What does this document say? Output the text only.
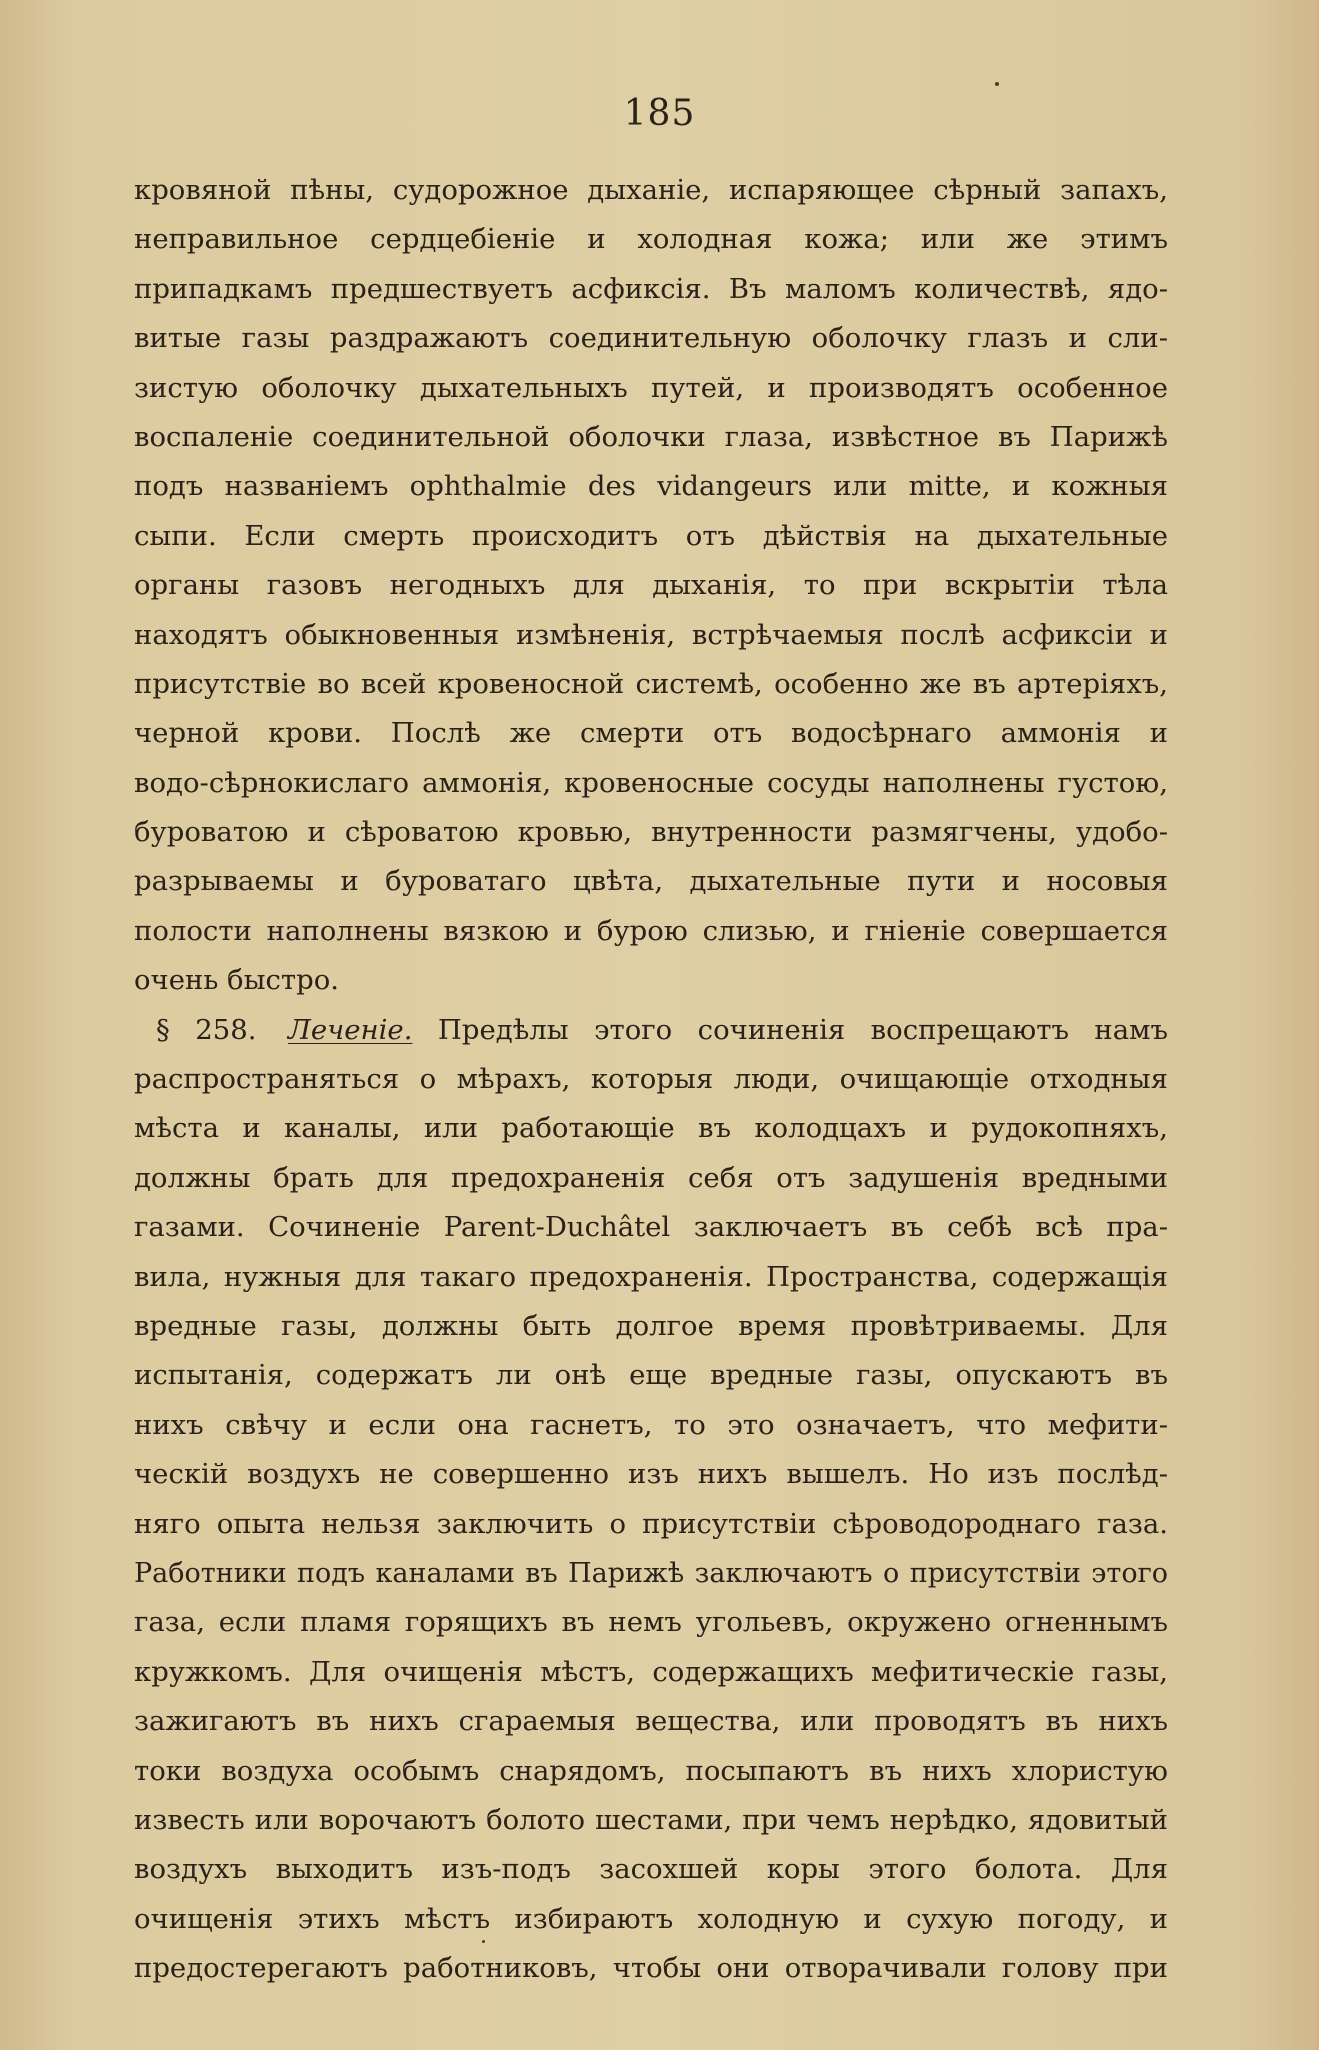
185
кровяной пѣны, судорожное дыханіе, испаряющее сѣрный запахъ,
неправильное сердцебіеніе и холодная кожа; или же этимъ
припадкамъ предшествуетъ асфиксія. Въ маломъ количествѣ, ядо-
витые газы раздражаютъ соединительную оболочку глазъ и сли-
зистую оболочку дыхательныхъ путей, и производятъ особенное
воспаленіе соединительной оболочки глаза, извѣстное въ Парижѣ
подъ названіемъ ophthalmie des vidangeurs или mitte, и кожныя
сыпи. Если смерть происходитъ отъ дѣйствія на дыхательные
органы газовъ негодныхъ для дыханія, то при вскрытіи тѣла
находятъ обыкновенныя измѣненія, встрѣчаемыя послѣ асфиксіи и
присутствіе во всей кровеносной системѣ, особенно же въ артеріяхъ,
черной крови. Послѣ же смерти отъ водосѣрнаго аммонія и
водо-сѣрнокислаго аммонія, кровеносные сосуды наполнены густою,
буроватою и сѣроватою кровью, внутренности размягчены, удобо-
разрываемы и буроватаго цвѣта, дыхательные пути и носовыя
полости наполнены вязкою и бурою слизью, и гніеніе совершается
очень быстро.
§ 258. Леченіе. Предѣлы этого сочиненія воспрещаютъ намъ
распространяться о мѣрахъ, которыя люди, очищающіе отходныя
мѣста и каналы, или работающіе въ колодцахъ и рудокопняхъ,
должны брать для предохраненія себя отъ задушенія вредными
газами. Сочиненіе Parent-Duchâtel заключаетъ въ себѣ всѣ пра-
вила, нужныя для такаго предохраненія. Пространства, содержащія
вредные газы, должны быть долгое время провѣтриваемы. Для
испытанія, содержатъ ли онѣ еще вредные газы, опускаютъ въ
нихъ свѣчу и если она гаснетъ, то это означаетъ, что мефити-
ческій воздухъ не совершенно изъ нихъ вышелъ. Но изъ послѣд-
няго опыта нельзя заключить о присутствіи сѣроводороднаго газа.
Работники подъ каналами въ Парижѣ заключаютъ о присутствіи этого
газа, если пламя горящихъ въ немъ угольевъ, окружено огненнымъ
кружкомъ. Для очищенія мѣстъ, содержащихъ мефитическіе газы,
зажигаютъ въ нихъ сгараемыя вещества, или проводятъ въ нихъ
токи воздуха особымъ снарядомъ, посыпаютъ въ нихъ хлористую
известь или ворочаютъ болото шестами, при чемъ нерѣдко, ядовитый
воздухъ выходитъ изъ-подъ засохшей коры этого болота. Для
очищенія этихъ мѣстъ избираютъ холодную и сухую погоду, и
предостерегаютъ работниковъ, чтобы они отворачивали голову при
